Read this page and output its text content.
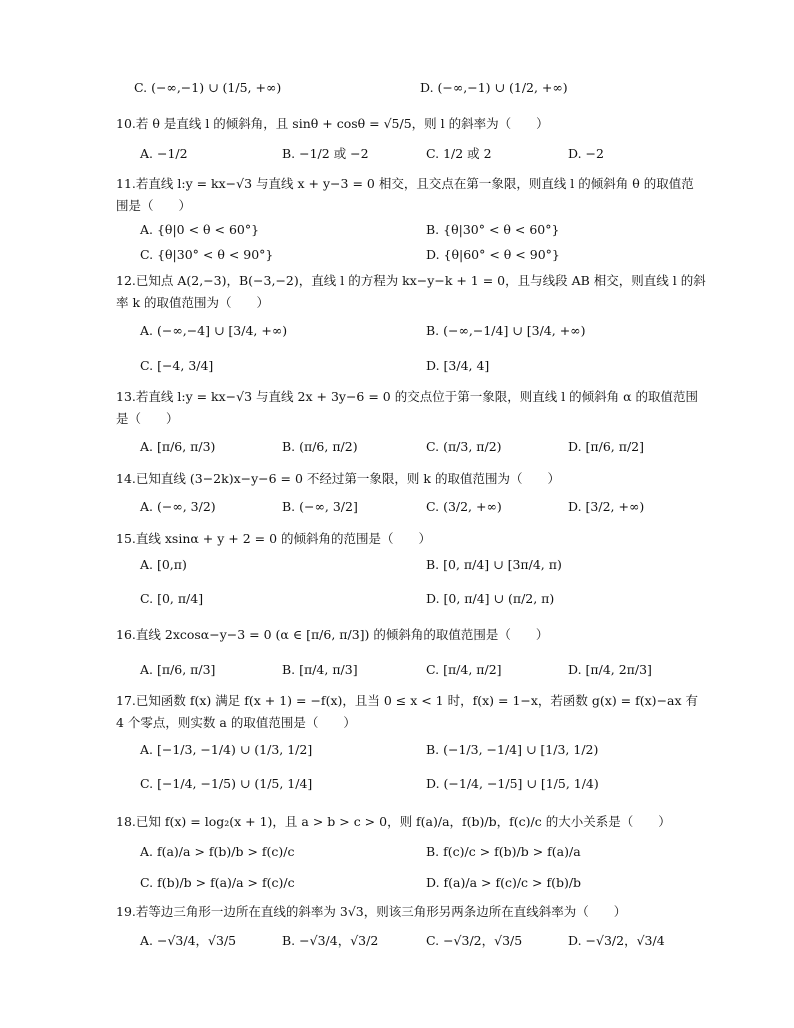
C. (−∞,−1) ∪ (1/5, +∞)	D. (−∞,−1) ∪ (1/2, +∞)
10.若 θ 是直线 l 的倾斜角，且 sinθ + cosθ = √5/5，则 l 的斜率为（　　）
A. −1/2	B. −1/2 或 −2	C. 1/2 或 2	D. −2
11.若直线 l:y = kx−√3 与直线 x + y−3 = 0 相交，且交点在第一象限，则直线 l 的倾斜角 θ 的取值范围是（　　）
A. {θ|0 < θ < 60°}	B. {θ|30° < θ < 60°}
C. {θ|30° < θ < 90°}	D. {θ|60° < θ < 90°}
12.已知点 A(2,−3)，B(−3,−2)，直线 l 的方程为 kx−y−k + 1 = 0，且与线段 AB 相交，则直线 l 的斜率 k 的取值范围为（　　）
A. (−∞,−4] ∪ [3/4, +∞)	B. (−∞,−1/4] ∪ [3/4, +∞)
C. [−4, 3/4]	D. [3/4, 4]
13.若直线 l:y = kx−√3 与直线 2x + 3y−6 = 0 的交点位于第一象限，则直线 l 的倾斜角 α 的取值范围是（　　）
A. [π/6, π/3)	B. (π/6, π/2)	C. (π/3, π/2)	D. [π/6, π/2]
14.已知直线 (3−2k)x−y−6 = 0 不经过第一象限，则 k 的取值范围为（　　）
A. (−∞, 3/2)	B. (−∞, 3/2]	C. (3/2, +∞)	D. [3/2, +∞)
15.直线 xsinα + y + 2 = 0 的倾斜角的范围是（　　）
A. [0,π)	B. [0, π/4] ∪ [3π/4, π)
C. [0, π/4]	D. [0, π/4] ∪ (π/2, π)
16.直线 2xcosα−y−3 = 0 (α ∈ [π/6, π/3]) 的倾斜角的取值范围是（　　）
A. [π/6, π/3]	B. [π/4, π/3]	C. [π/4, π/2]	D. [π/4, 2π/3]
17.已知函数 f(x) 满足 f(x + 1) = −f(x)，且当 0 ≤ x < 1 时，f(x) = 1−x，若函数 g(x) = f(x)−ax 有 4 个零点，则实数 a 的取值范围是（　　）
A. [−1/3, −1/4) ∪ (1/3, 1/2]	B. (−1/3, −1/4] ∪ [1/3, 1/2)
C. [−1/4, −1/5) ∪ (1/5, 1/4]	D. (−1/4, −1/5] ∪ [1/5, 1/4)
18.已知 f(x) = log₂(x + 1)，且 a > b > c > 0，则 f(a)/a，f(b)/b，f(c)/c 的大小关系是（　　）
A. f(a)/a > f(b)/b > f(c)/c	B. f(c)/c > f(b)/b > f(a)/a
C. f(b)/b > f(a)/a > f(c)/c	D. f(a)/a > f(c)/c > f(b)/b
19.若等边三角形一边所在直线的斜率为 3√3，则该三角形另两条边所在直线斜率为（　　）
A. −√3/4，√3/5	B. −√3/4，√3/2	C. −√3/2，√3/5	D. −√3/2，√3/4
